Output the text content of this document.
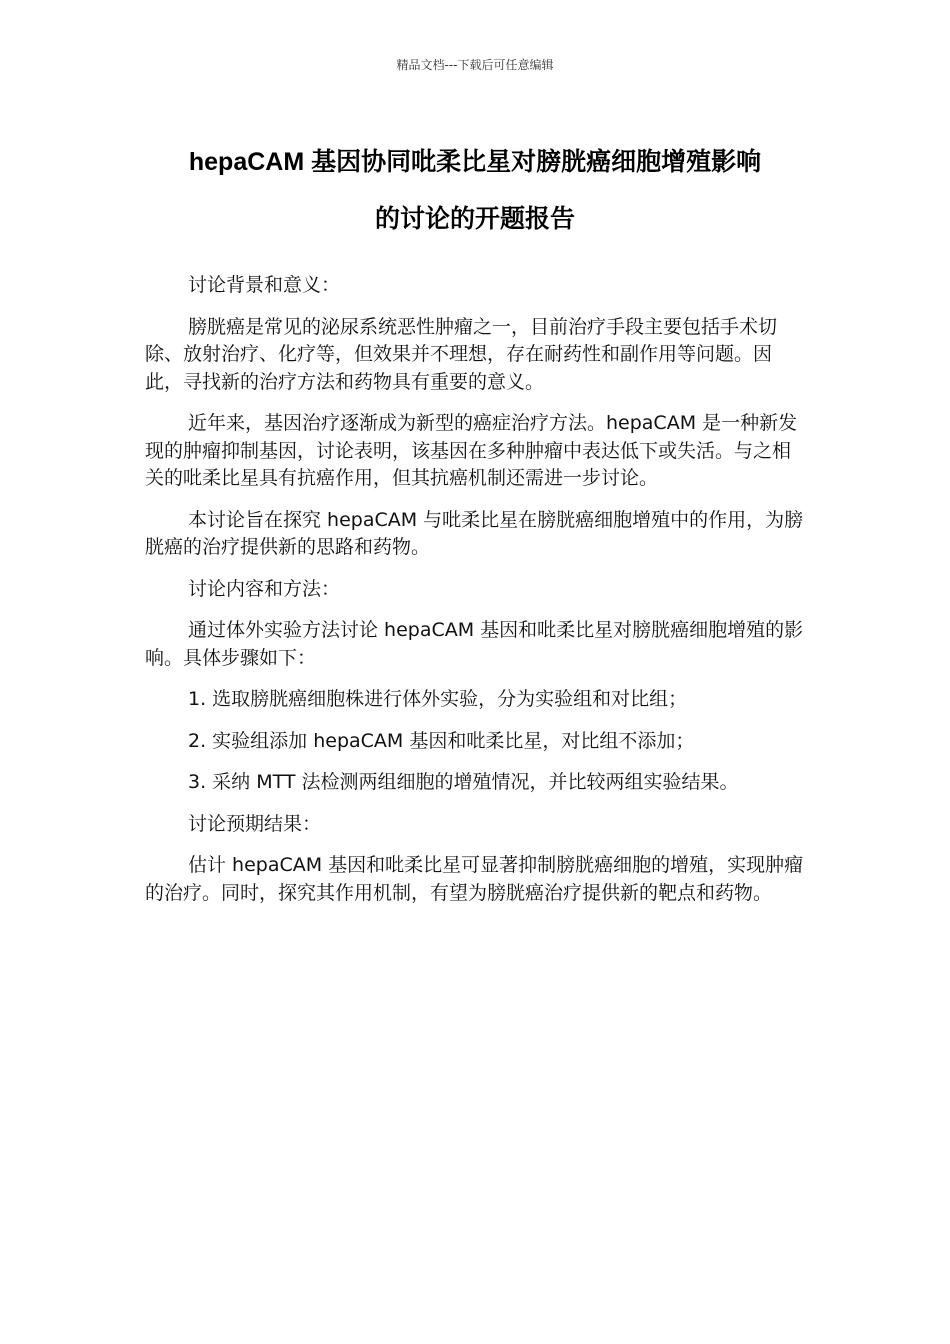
精品文档---下载后可任意编辑
hepaCAM 基因协同吡柔比星对膀胱癌细胞增殖影响
的讨论的开题报告

讨论背景和意义：

膀胱癌是常见的泌尿系统恶性肿瘤之一，目前治疗手段主要包括手术切除、放射治疗、化疗等，但效果并不理想，存在耐药性和副作用等问题。因此，寻找新的治疗方法和药物具有重要的意义。

近年来，基因治疗逐渐成为新型的癌症治疗方法。hepaCAM 是一种新发现的肿瘤抑制基因，讨论表明，该基因在多种肿瘤中表达低下或失活。与之相关的吡柔比星具有抗癌作用，但其抗癌机制还需进一步讨论。

本讨论旨在探究 hepaCAM 与吡柔比星在膀胱癌细胞增殖中的作用，为膀胱癌的治疗提供新的思路和药物。

讨论内容和方法：

通过体外实验方法讨论 hepaCAM 基因和吡柔比星对膀胱癌细胞增殖的影响。具体步骤如下：

1. 选取膀胱癌细胞株进行体外实验，分为实验组和对比组；

2. 实验组添加 hepaCAM 基因和吡柔比星，对比组不添加；

3. 采纳 MTT 法检测两组细胞的增殖情况，并比较两组实验结果。

讨论预期结果：

估计 hepaCAM 基因和吡柔比星可显著抑制膀胱癌细胞的增殖，实现肿瘤的治疗。同时，探究其作用机制，有望为膀胱癌治疗提供新的靶点和药物。
